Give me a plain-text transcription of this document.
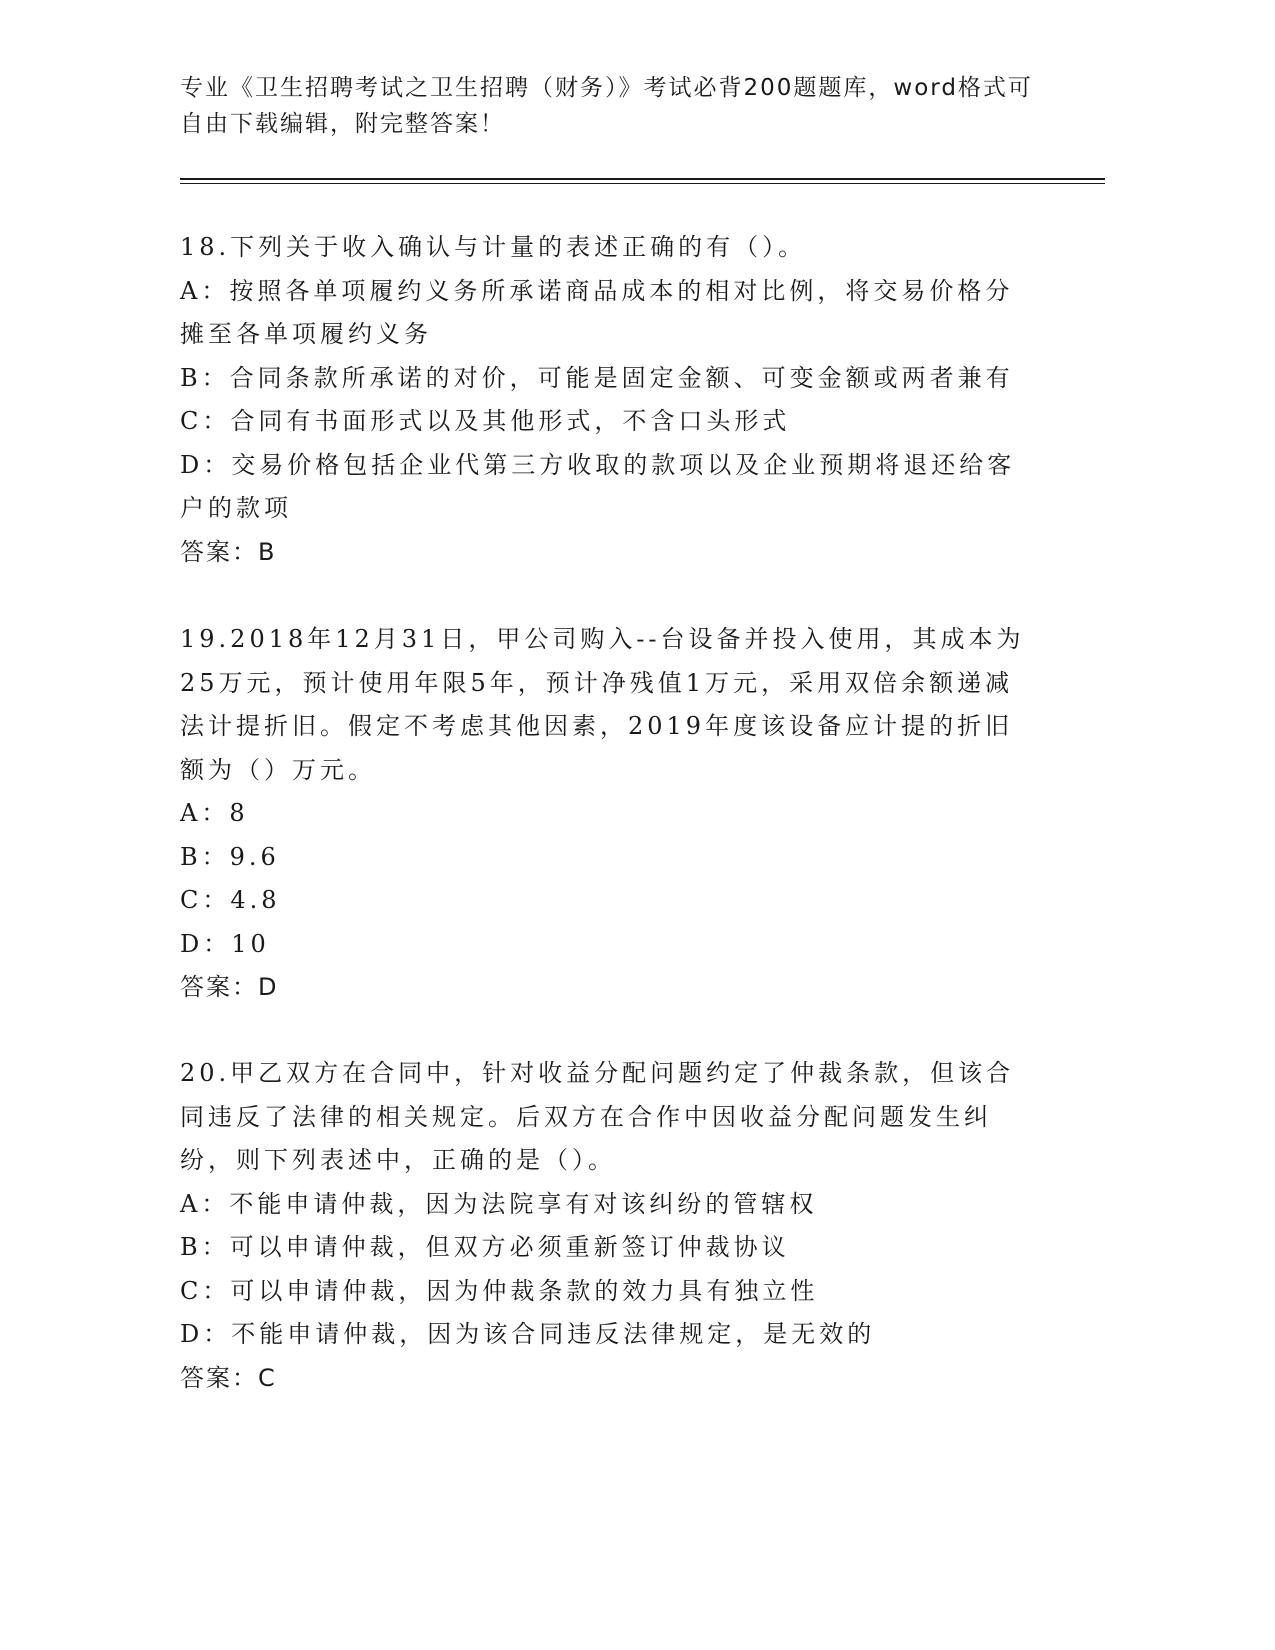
专业《卫生招聘考试之卫生招聘（财务）》考试必背200题题库，word格式可自由下载编辑，附完整答案！
18.下列关于收入确认与计量的表述正确的有（）。
A：按照各单项履约义务所承诺商品成本的相对比例，将交易价格分摊至各单项履约义务
B：合同条款所承诺的对价，可能是固定金额、可变金额或两者兼有
C：合同有书面形式以及其他形式，不含口头形式
D：交易价格包括企业代第三方收取的款项以及企业预期将退还给客户的款项
答案：B
19.2018年12月31日，甲公司购入--台设备并投入使用，其成本为25万元，预计使用年限5年，预计净残值1万元，采用双倍余额递减法计提折旧。假定不考虑其他因素，2019年度该设备应计提的折旧额为（）万元。
A：8
B：9.6
C：4.8
D：10
答案：D
20.甲乙双方在合同中，针对收益分配问题约定了仲裁条款，但该合同违反了法律的相关规定。后双方在合作中因收益分配问题发生纠纷，则下列表述中，正确的是（）。
A：不能申请仲裁，因为法院享有对该纠纷的管辖权
B：可以申请仲裁，但双方必须重新签订仲裁协议
C：可以申请仲裁，因为仲裁条款的效力具有独立性
D：不能申请仲裁，因为该合同违反法律规定，是无效的
答案：C
